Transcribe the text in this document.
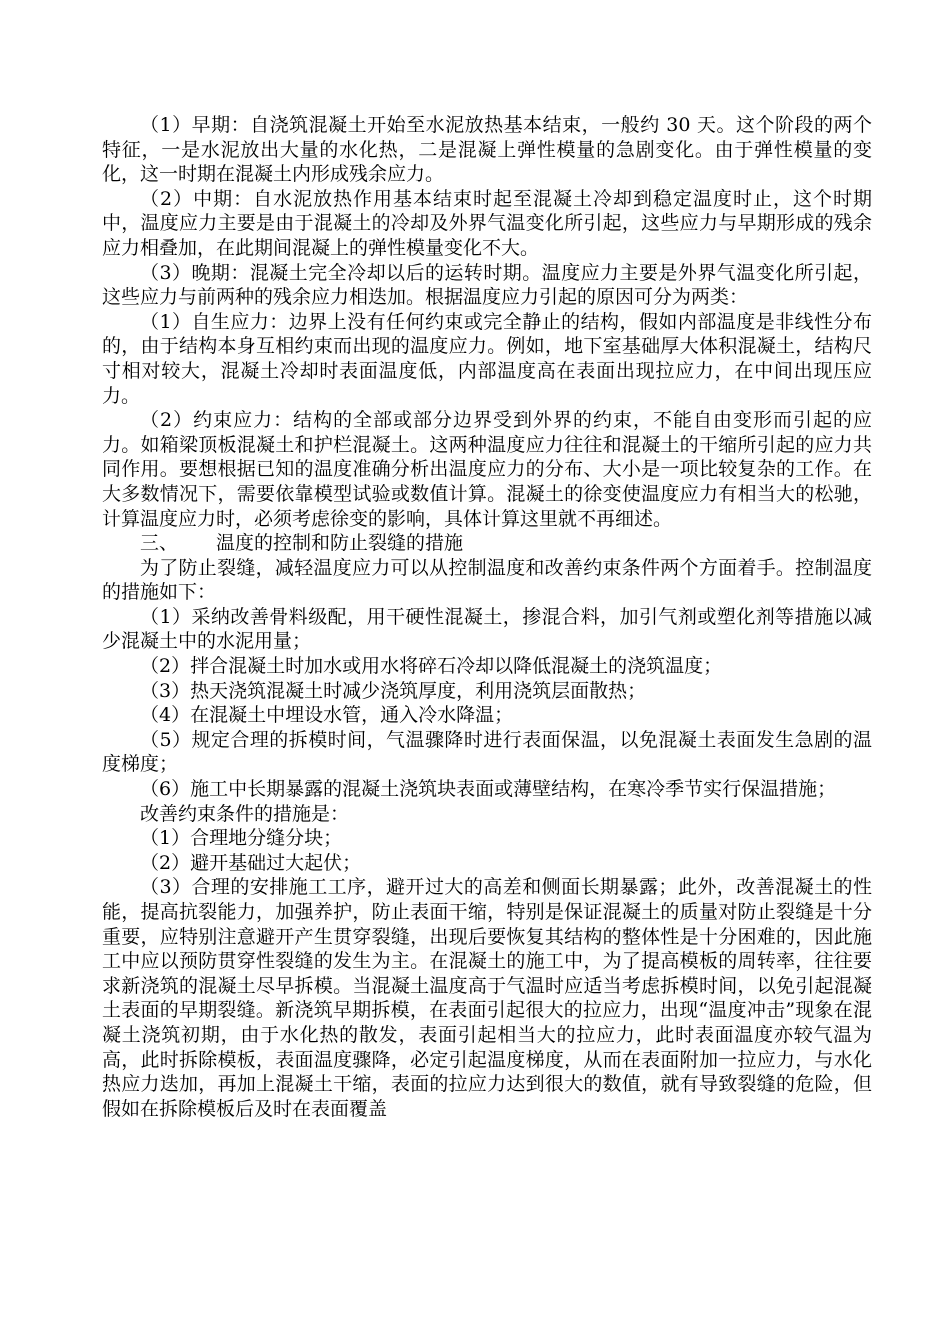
（1）早期：自浇筑混凝土开始至水泥放热基本结束，一般约 30 天。这个阶段的两个特征，一是水泥放出大量的水化热，二是混凝上弹性模量的急剧变化。由于弹性模量的变化，这一时期在混凝土内形成残余应力。

（2）中期：自水泥放热作用基本结束时起至混凝土冷却到稳定温度时止，这个时期中，温度应力主要是由于混凝土的冷却及外界气温变化所引起，这些应力与早期形成的残余应力相叠加，在此期间混凝上的弹性模量变化不大。

（3）晚期：混凝土完全冷却以后的运转时期。温度应力主要是外界气温变化所引起，这些应力与前两种的残余应力相迭加。根据温度应力引起的原因可分为两类：

（1）自生应力：边界上没有任何约束或完全静止的结构，假如内部温度是非线性分布的，由于结构本身互相约束而出现的温度应力。例如，地下室基础厚大体积混凝土，结构尺寸相对较大，混凝土冷却时表面温度低，内部温度高在表面出现拉应力，在中间出现压应力。

（2）约束应力：结构的全部或部分边界受到外界的约束，不能自由变形而引起的应力。如箱梁顶板混凝土和护栏混凝土。这两种温度应力往往和混凝土的干缩所引起的应力共同作用。要想根据已知的温度准确分析出温度应力的分布、大小是一项比较复杂的工作。在大多数情况下，需要依靠模型试验或数值计算。混凝土的徐变使温度应力有相当大的松驰，计算温度应力时，必须考虑徐变的影响，具体计算这里就不再细述。

三、 温度的控制和防止裂缝的措施

为了防止裂缝，减轻温度应力可以从控制温度和改善约束条件两个方面着手。控制温度的措施如下：

（1）采纳改善骨料级配，用干硬性混凝土，掺混合料，加引气剂或塑化剂等措施以减少混凝土中的水泥用量；

（2）拌合混凝土时加水或用水将碎石冷却以降低混凝土的浇筑温度；

（3）热天浇筑混凝土时减少浇筑厚度，利用浇筑层面散热；

（4）在混凝土中埋设水管，通入冷水降温；

（5）规定合理的拆模时间，气温骤降时进行表面保温，以免混凝土表面发生急剧的温度梯度；

（6）施工中长期暴露的混凝土浇筑块表面或薄壁结构，在寒冷季节实行保温措施；

改善约束条件的措施是：

（1）合理地分缝分块；

（2）避开基础过大起伏；

（3）合理的安排施工工序，避开过大的高差和侧面长期暴露；此外，改善混凝土的性能，提高抗裂能力，加强养护，防止表面干缩，特别是保证混凝土的质量对防止裂缝是十分重要，应特别注意避开产生贯穿裂缝，出现后要恢复其结构的整体性是十分困难的，因此施工中应以预防贯穿性裂缝的发生为主。在混凝土的施工中，为了提高模板的周转率，往往要求新浇筑的混凝土尽早拆模。当混凝土温度高于气温时应适当考虑拆模时间，以免引起混凝土表面的早期裂缝。新浇筑早期拆模，在表面引起很大的拉应力，出现“温度冲击”现象在混凝土浇筑初期，由于水化热的散发，表面引起相当大的拉应力，此时表面温度亦较气温为高，此时拆除模板，表面温度骤降，必定引起温度梯度，从而在表面附加一拉应力，与水化热应力迭加，再加上混凝土干缩，表面的拉应力达到很大的数值，就有导致裂缝的危险，但假如在拆除模板后及时在表面覆盖
